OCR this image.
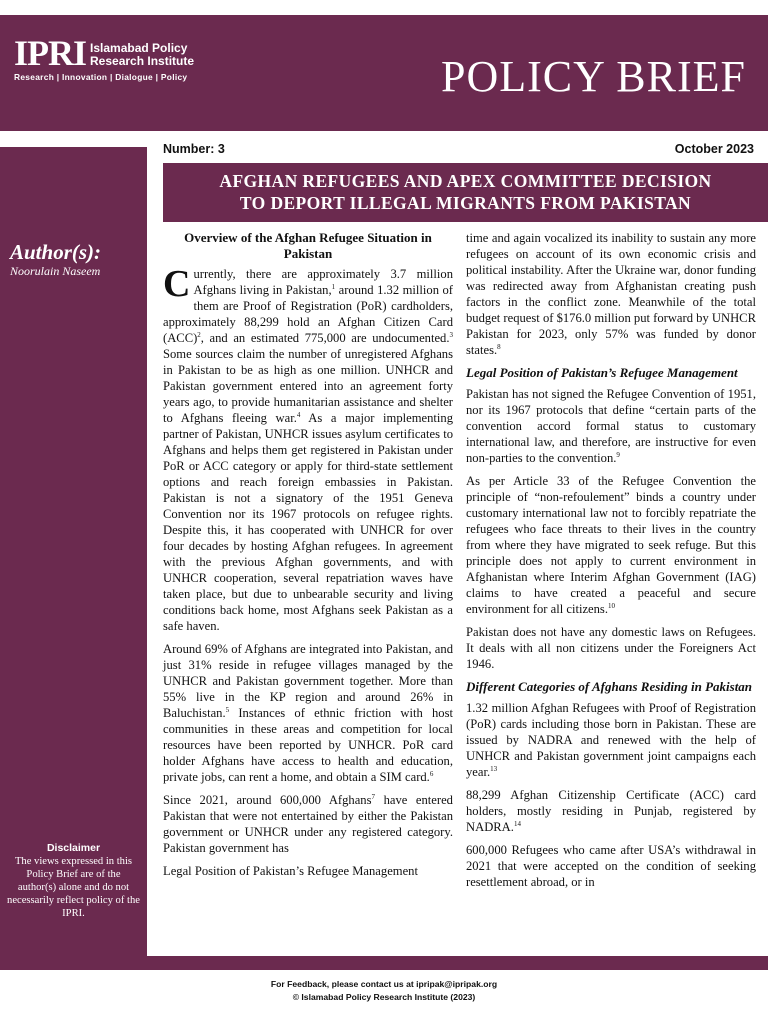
IPRI Islamabad Policy
Research Institute
Research | Innovation | Dialogue | Policy	POLICY BRIEF
Author(s):
Noorulain Naseem
Disclaimer
The views expressed in this Policy Brief are of the author(s) alone and do not necessarily reflect policy of the IPRI.
Number: 3	October 2023
AFGHAN REFUGEES AND APEX COMMITTEE DECISION
TO DEPORT ILLEGAL MIGRANTS FROM PAKISTAN
Overview of the Afghan Refugee Situation in Pakistan

Currently, there are approximately 3.7 million Afghans living in Pakistan,$^1$ around 1.32 million of them are Proof of Registration (PoR) cardholders, approximately 88,299 hold an Afghan Citizen Card (ACC)$^2$, and an estimated 775,000 are undocumented.$^3$ Some sources claim the number of unregistered Afghans in Pakistan to be as high as one million. UNHCR and Pakistan government entered into an agreement forty years ago, to provide humanitarian assistance and shelter to Afghans fleeing war.$^4$ As a major implementing partner of Pakistan, UNHCR issues asylum certificates to Afghans and helps them get registered in Pakistan under PoR or ACC category or apply for third-state settlement options and reach foreign embassies in Pakistan. Pakistan is not a signatory of the 1951 Geneva Convention nor its 1967 protocols on refugee rights. Despite this, it has cooperated with UNHCR for over four decades by hosting Afghan refugees. In agreement with the previous Afghan governments, and with UNHCR cooperation, several repatriation waves have taken place, but due to unbearable security and living conditions back home, most Afghans seek Pakistan as a safe haven.

Around 69% of Afghans are integrated into Pakistan, and just 31% reside in refugee villages managed by the UNHCR and Pakistan government together. More than 55% live in the KP region and around 26% in Baluchistan.$^5$ Instances of ethnic friction with host communities in these areas and competition for local resources have been reported by UNHCR. PoR card holder Afghans have access to health and education, private jobs, can rent a home, and obtain a SIM card.$^6$

Since 2021, around 600,000 Afghans$^7$ have entered Pakistan that were not entertained by either the Pakistan government or UNHCR under any registered category. Pakistan government has

Legal Position of Pakistan’s Refugee Management

time and again vocalized its inability to sustain any more refugees on account of its own economic crisis and political instability. After the Ukraine war, donor funding was redirected away from Afghanistan creating push factors in the conflict zone. Meanwhile of the total budget request of $176.0 million put forward by UNHCR Pakistan for 2023, only 57% was funded by donor states.$^8$

Legal Position of Pakistan’s Refugee Management

Pakistan has not signed the Refugee Convention of 1951, nor its 1967 protocols that define “certain parts of the convention accord formal status to customary international law, and therefore, are instructive for even non-parties to the convention.$^9$

As per Article 33 of the Refugee Convention the principle of “non-refoulement” binds a country under customary international law not to forcibly repatriate the refugees who face threats to their lives in the country from where they have migrated to seek refuge. But this principle does not apply to current environment in Afghanistan where Interim Afghan Government (IAG) claims to have created a peaceful and secure environment for all citizens.$^{10}$

Pakistan does not have any domestic laws on Refugees. It deals with all non citizens under the Foreigners Act 1946.

Different Categories of Afghans Residing in Pakistan

1.32 million Afghan Refugees with Proof of Registration (PoR) cards including those born in Pakistan. These are issued by NADRA and renewed with the help of UNHCR and Pakistan government joint campaigns each year.$^{13}$

88,299 Afghan Citizenship Certificate (ACC) card holders, mostly residing in Punjab, registered by NADRA.$^{14}$

600,000 Refugees who came after USA’s withdrawal in 2021 that were accepted on the condition of seeking resettlement abroad, or in

For Feedback, please contact us at ipripak@ipripak.org
© Islamabad Policy Research Institute (2023)
